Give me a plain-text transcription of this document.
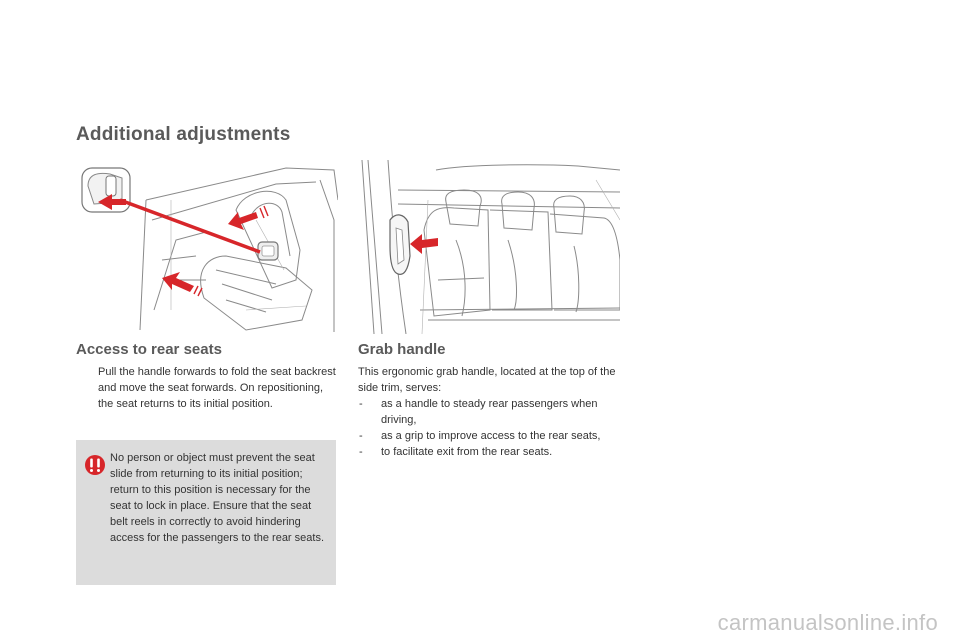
Additional adjustments
Access to rear seats
Pull the handle forwards to fold the seat backrest and move the seat forwards. On repositioning, the seat returns to its initial position.
No person or object must prevent the seat slide from returning to its initial position; return to this position is necessary for the seat to lock in place. Ensure that the seat belt reels in correctly to avoid hindering access for the passengers to the rear seats.
Grab handle
This ergonomic grab handle, located at the top of the side trim, serves:
- as a handle to steady rear passengers when driving,
- as a grip to improve access to the rear seats,
- to facilitate exit from the rear seats.
carmanualsonline.info
